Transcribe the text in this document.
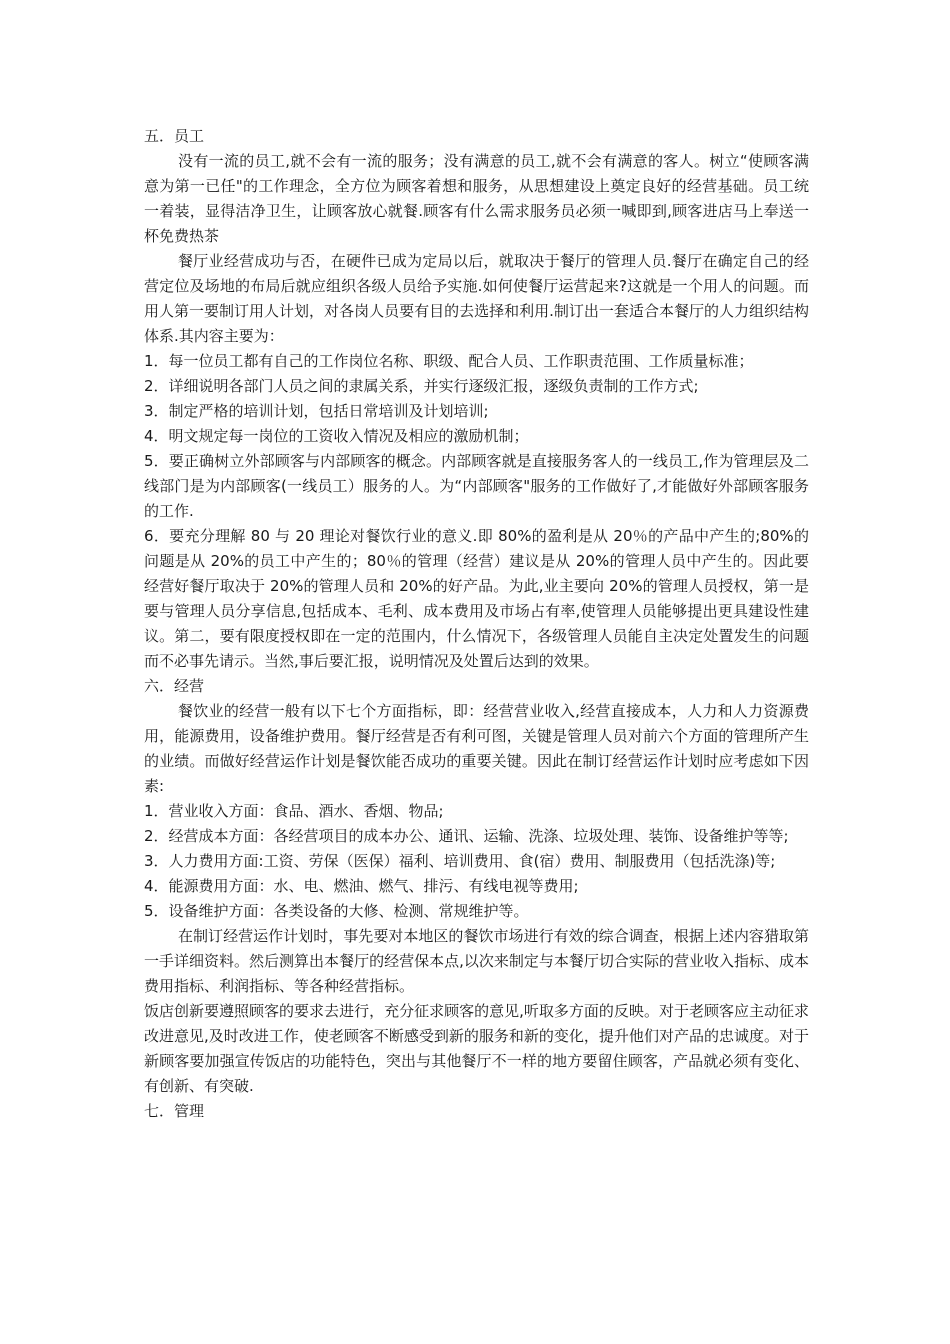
五．员工

没有一流的员工,就不会有一流的服务；没有满意的员工,就不会有满意的客人。树立“使顾客满意为第一已任"的工作理念，全方位为顾客着想和服务，从思想建设上奠定良好的经营基础。员工统一着装，显得洁净卫生，让顾客放心就餐.顾客有什么需求服务员必须一喊即到,顾客进店马上奉送一杯免费热茶

餐厅业经营成功与否，在硬件已成为定局以后，就取决于餐厅的管理人员.餐厅在确定自己的经营定位及场地的布局后就应组织各级人员给予实施.如何使餐厅运营起来?这就是一个用人的问题。而用人第一要制订用人计划，对各岗人员要有目的去选择和利用.制订出一套适合本餐厅的人力组织结构体系.其内容主要为：

1．每一位员工都有自己的工作岗位名称、职级、配合人员、工作职责范围、工作质量标准；

2．详细说明各部门人员之间的隶属关系，并实行逐级汇报，逐级负责制的工作方式;

3．制定严格的培训计划，包括日常培训及计划培训;

4．明文规定每一岗位的工资收入情况及相应的激励机制；

5．要正确树立外部顾客与内部顾客的概念。内部顾客就是直接服务客人的一线员工,作为管理层及二线部门是为内部顾客(一线员工）服务的人。为“内部顾客"服务的工作做好了,才能做好外部顾客服务的工作.

6．要充分理解 80 与 20 理论对餐饮行业的意义.即 80%的盈利是从 20％的产品中产生的;80%的问题是从 20%的员工中产生的；80％的管理（经营）建议是从 20%的管理人员中产生的。因此要经营好餐厅取决于 20%的管理人员和 20%的好产品。为此,业主要向 20%的管理人员授权，第一是要与管理人员分享信息,包括成本、毛利、成本费用及市场占有率,使管理人员能够提出更具建设性建议。第二，要有限度授权即在一定的范围内，什么情况下，各级管理人员能自主决定处置发生的问题而不必事先请示。当然,事后要汇报，说明情况及处置后达到的效果。

六．经营

餐饮业的经营一般有以下七个方面指标，即：经营营业收入,经营直接成本，人力和人力资源费用，能源费用，设备维护费用。餐厅经营是否有利可图，关键是管理人员对前六个方面的管理所产生的业绩。而做好经营运作计划是餐饮能否成功的重要关键。因此在制订经营运作计划时应考虑如下因素:

1．营业收入方面：食品、酒水、香烟、物品;

2．经营成本方面：各经营项目的成本办公、通讯、运输、洗涤、垃圾处理、装饰、设备维护等等;

3．人力费用方面:工资、劳保（医保）福利、培训费用、食(宿）费用、制服费用（包括洗涤)等;

4．能源费用方面：水、电、燃油、燃气、排污、有线电视等费用;

5．设备维护方面：各类设备的大修、检测、常规维护等。

在制订经营运作计划时，事先要对本地区的餐饮市场进行有效的综合调查，根据上述内容猎取第一手详细资料。然后测算出本餐厅的经营保本点,以次来制定与本餐厅切合实际的营业收入指标、成本费用指标、利润指标、等各种经营指标。

饭店创新要遵照顾客的要求去进行，充分征求顾客的意见,听取多方面的反映。对于老顾客应主动征求改进意见,及时改进工作，使老顾客不断感受到新的服务和新的变化，提升他们对产品的忠诚度。对于新顾客要加强宣传饭店的功能特色，突出与其他餐厅不一样的地方要留住顾客，产品就必须有变化、有创新、有突破.

七．管理
